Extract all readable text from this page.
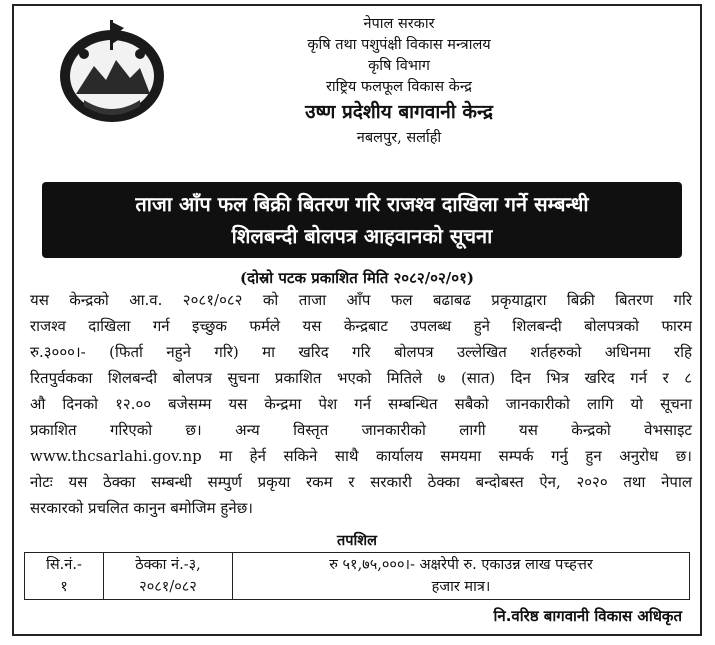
नेपाल सरकार
कृषि तथा पशुपंक्षी विकास मन्त्रालय
कृषि विभाग
राष्ट्रिय फलफूल विकास केन्द्र
उष्ण प्रदेशीय बागवानी केन्द्र
नबलपुर, सर्लाही
ताजा आँप फल बिक्री बितरण गरि राजश्व दाखिला गर्ने सम्बन्धी
शिलबन्दी बोलपत्र आहवानको सूचना
(दोस्रो पटक प्रकाशित मिति २०८२/०२/०१)
यस केन्द्रको आ.व. २०८१/०८२ को ताजा आँप फल बढाबढ प्रकृयाद्वारा बिक्री बितरण गरि
राजश्व दाखिला गर्न इच्छुक फर्मले यस केन्द्रबाट उपलब्ध हुने शिलबन्दी बोलपत्रको फारम
रु.३०००।- (फिर्ता नहुने गरि) मा खरिद गरि बोलपत्र उल्लेखित शर्तहरुको अधिनमा रहि
रितपुर्वकका शिलबन्दी बोलपत्र सुचना प्रकाशित भएको मितिले ७ (सात) दिन भित्र खरिद गर्न र ८
औ दिनको १२.०० बजेसम्म यस केन्द्रमा पेश गर्न सम्बन्धित सबैको जानकारीको लागि यो सूचना
प्रकाशित गरिएको छ। अन्य विस्तृत जानकारीको लागी यस केन्द्रको वेभसाइट
www.thcsarlahi.gov.np मा हेर्न सकिने साथै कार्यालय समयमा सम्पर्क गर्नु हुन अनुरोध छ।
नोटः यस ठेक्का सम्बन्धी सम्पुर्ण प्रकृया रकम र सरकारी ठेक्का बन्दोबस्त ऐन, २०२० तथा नेपाल
सरकारको प्रचलित कानुन बमोजिम हुनेछ।
तपशिल
सि.नं.-
१

ठेक्का नं.-३,
२०८१/०८२

रु ५१,७५,०००।- अक्षरेपी रु. एकाउन्न लाख पच्हत्तर
हजार मात्र।
नि.वरिष्ठ बागवानी विकास अधिकृत
